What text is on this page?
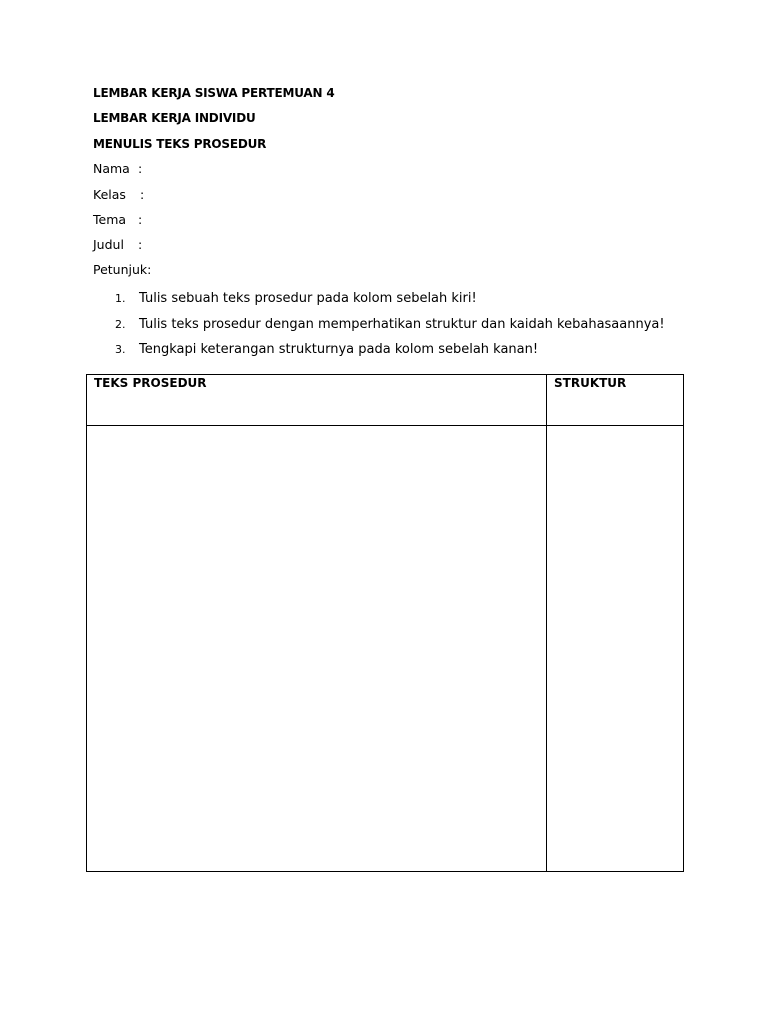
LEMBAR KERJA SISWA PERTEMUAN 4
LEMBAR KERJA INDIVIDU
MENULIS TEKS PROSEDUR
Nama :
Kelas :
Tema :
Judul :
Petunjuk:
1.	Tulis sebuah teks prosedur pada kolom sebelah kiri!
2.	Tulis teks prosedur dengan memperhatikan struktur dan kaidah kebahasaannya!
3.	Tengkapi keterangan strukturnya pada kolom sebelah kanan!
TEKS PROSEDUR	STRUKTUR
